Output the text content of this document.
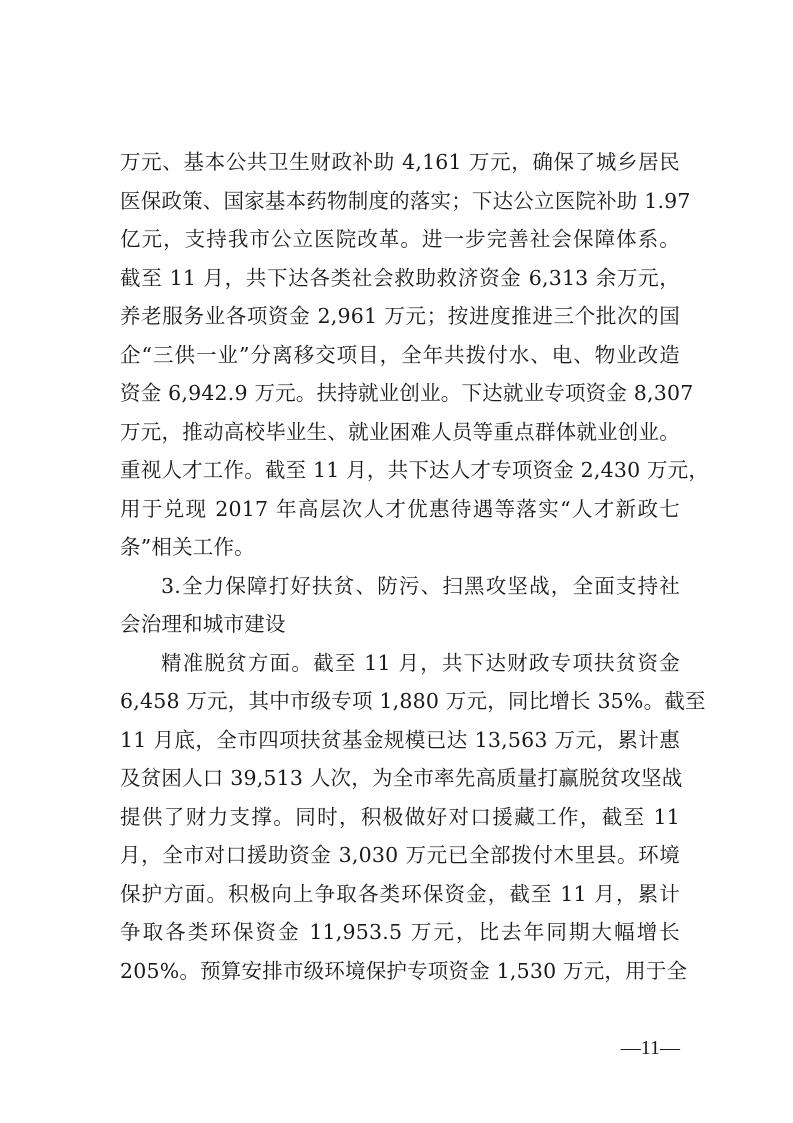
万元、基本公共卫生财政补助 4,161 万元，确保了城乡居民
医保政策、国家基本药物制度的落实；下达公立医院补助 1.97
亿元，支持我市公立医院改革。进一步完善社会保障体系。
截至 11 月，共下达各类社会救助救济资金 6,313 余万元，
养老服务业各项资金 2,961 万元；按进度推进三个批次的国
企“三供一业”分离移交项目，全年共拨付水、电、物业改造
资金 6,942.9 万元。扶持就业创业。下达就业专项资金 8,307
万元，推动高校毕业生、就业困难人员等重点群体就业创业。
重视人才工作。截至 11 月，共下达人才专项资金 2,430 万元，
用于兑现 2017 年高层次人才优惠待遇等落实“人才新政七
条”相关工作。
3.全力保障打好扶贫、防污、扫黑攻坚战，全面支持社
会治理和城市建设
精准脱贫方面。截至 11 月，共下达财政专项扶贫资金
6,458 万元，其中市级专项 1,880 万元，同比增长 35%。截至
11 月底，全市四项扶贫基金规模已达 13,563 万元，累计惠
及贫困人口 39,513 人次，为全市率先高质量打赢脱贫攻坚战
提供了财力支撑。同时，积极做好对口援藏工作，截至 11
月，全市对口援助资金 3,030 万元已全部拨付木里县。环境
保护方面。积极向上争取各类环保资金，截至 11 月，累计
争取各类环保资金 11,953.5 万元，比去年同期大幅增长
205%。预算安排市级环境保护专项资金 1,530 万元，用于全
—11—
